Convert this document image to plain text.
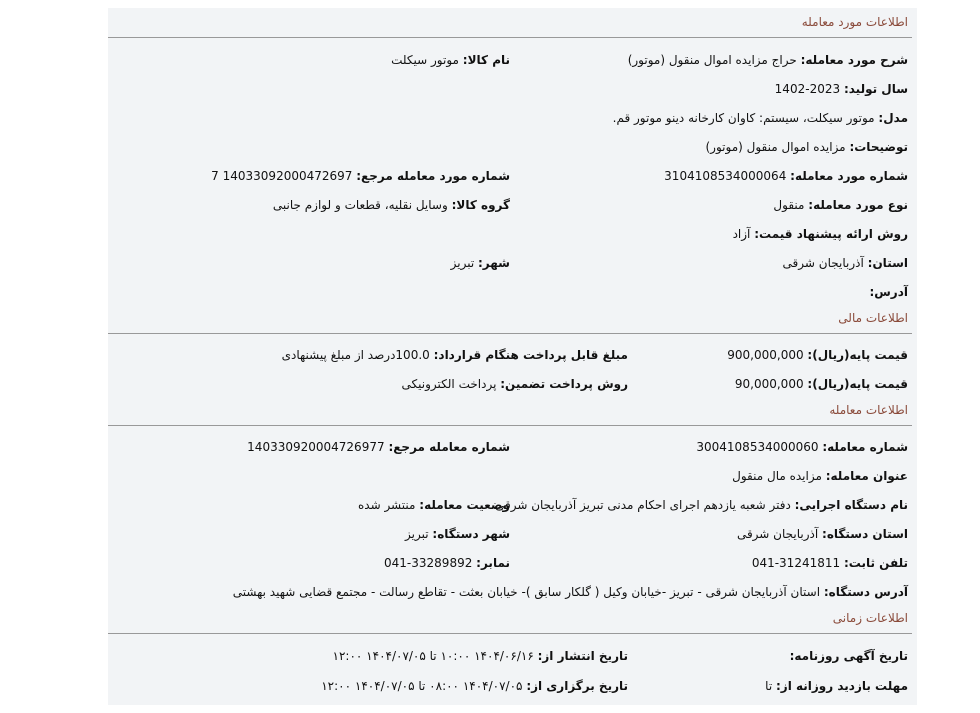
اطلاعات مورد معامله
شرح مورد معامله: حراج مزایده اموال منقول (موتور)
نام کالا: موتور سیکلت
سال تولید: 2023-1402
مدل: موتور سیکلت، سیستم: کاوان کارخانه دینو موتور قم.
توضیحات: مزایده اموال منقول (موتور)
شماره مورد معامله: 3104108534000064
شماره مورد معامله مرجع: 14033092000472697 7
نوع مورد معامله: منقول
گروه کالا: وسایل نقلیه، قطعات و لوازم جانبی
روش ارائه پیشنهاد قیمت: آزاد
استان: آذربایجان شرقی
شهر: تبریز
آدرس:
اطلاعات مالی
قیمت پایه(ریال): 900,000,000
مبلغ قابل پرداخت هنگام قرارداد: 100.0درصد از مبلغ پیشنهادی
قیمت پایه(ریال): 90,000,000
روش پرداخت تضمین: پرداخت الکترونیکی
اطلاعات معامله
شماره معامله: 3004108534000060
شماره معامله مرجع: 140330920004726977
عنوان معامله: مزایده مال منقول
نام دستگاه اجرایی: دفتر شعبه یازدهم اجرای احکام مدنی تبریز آذربایجان شرقی
وضعیت معامله: منتشر شده
استان دستگاه: آذربایجان شرقی
شهر دستگاه: تبریز
تلفن ثابت: 041-31241811
نمابر: 041-33289892
آدرس دستگاه: استان آذربایجان شرقی - تبریز -خیابان وکیل ( گلکار سابق )- خیابان بعثت - تقاطع رسالت - مجتمع قضایی شهید بهشتی
اطلاعات زمانی
تاریخ آگهی روزنامه:
تاریخ انتشار از: ۱۴۰۴/۰۶/۱۶ ۱۰:۰۰ تا ۱۴۰۴/۰۷/۰۵ ۱۲:۰۰
مهلت بازدید روزانه از: تا
تاریخ برگزاری از: ۱۴۰۴/۰۷/۰۵ ۰۸:۰۰ تا ۱۴۰۴/۰۷/۰۵ ۱۲:۰۰
